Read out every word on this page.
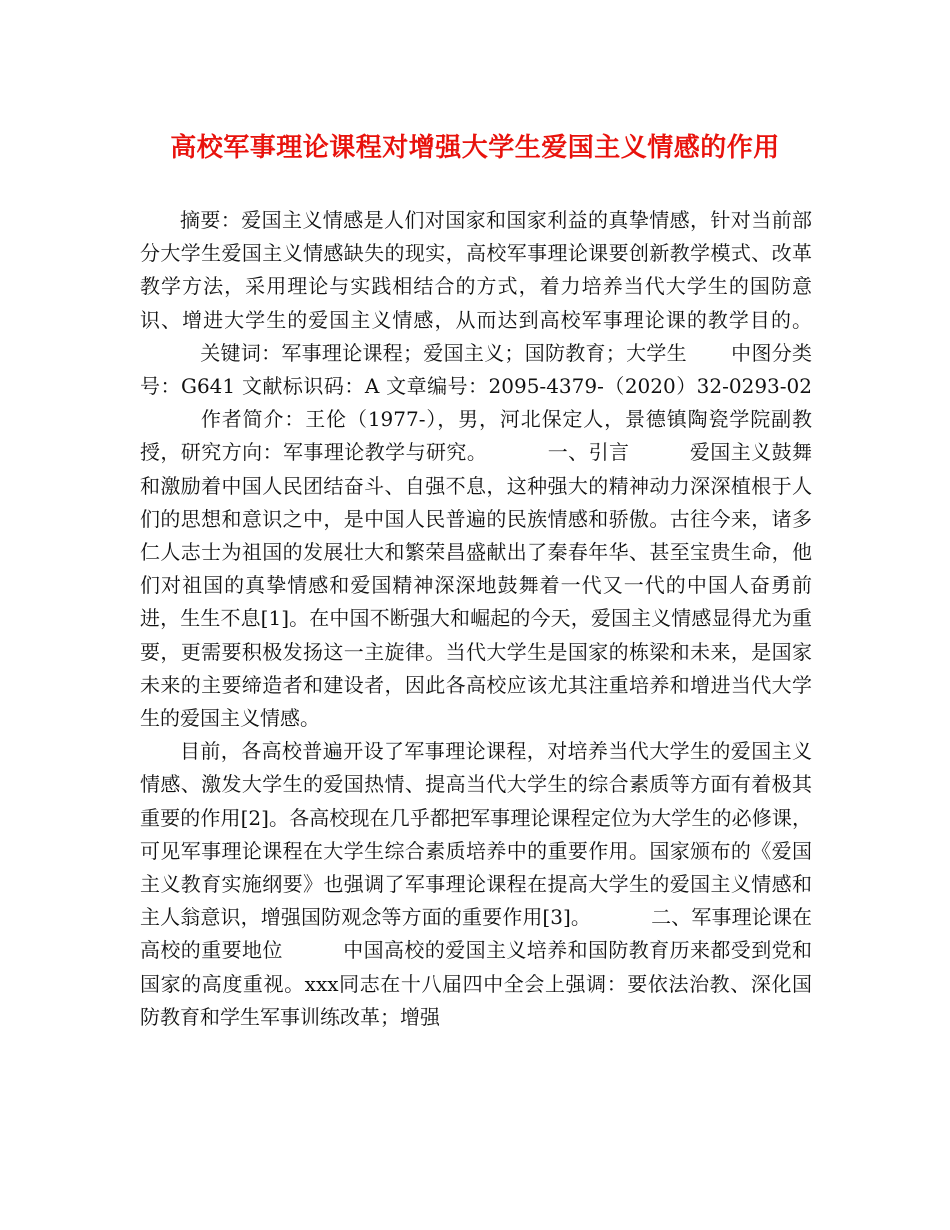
高校军事理论课程对增强大学生爱国主义情感的作用

摘要：爱国主义情感是人们对国家和国家利益的真挚情感，针对当前部分大学生爱国主义情感缺失的现实，高校军事理论课要创新教学模式、改革教学方法，采用理论与实践相结合的方式，着力培养当代大学生的国防意识、增进大学生的爱国主义情感，从而达到高校军事理论课的教学目的。关键词：军事理论课程；爱国主义；国防教育；大学生 中图分类号：G641 文献标识码：A 文章编号：2095-4379-（2020）32-0293-02作者简介：王伦（1977-），男，河北保定人，景德镇陶瓷学院副教授，研究方向：军事理论教学与研究。	一、引言	爱国主义鼓舞和激励着中国人民团结奋斗、自强不息，这种强大的精神动力深深植根于人们的思想和意识之中，是中国人民普遍的民族情感和骄傲。古往今来，诸多仁人志士为祖国的发展壮大和繁荣昌盛献出了秦春年华、甚至宝贵生命，他们对祖国的真挚情感和爱国精神深深地鼓舞着一代又一代的中国人奋勇前进，生生不息[1]。在中国不断强大和崛起的今天，爱国主义情感显得尤为重要，更需要积极发扬这一主旋律。当代大学生是国家的栋梁和未来，是国家未来的主要缔造者和建设者，因此各高校应该尤其注重培养和增进当代大学生的爱国主义情感。

目前，各高校普遍开设了军事理论课程，对培养当代大学生的爱国主义情感、激发大学生的爱国热情、提高当代大学生的综合素质等方面有着极其重要的作用[2]。各高校现在几乎都把军事理论课程定位为大学生的必修课，可见军事理论课程在大学生综合素质培养中的重要作用。国家颁布的《爱国主义教育实施纲要》也强调了军事理论课程在提高大学生的爱国主义情感和主人翁意识，增强国防观念等方面的重要作用[3]。	二、军事理论课在高校的重要地位	中国高校的爱国主义培养和国防教育历来都受到党和国家的高度重视。xxx同志在十八届四中全会上强调：要依法治教、深化国防教育和学生军事训练改革；增强
